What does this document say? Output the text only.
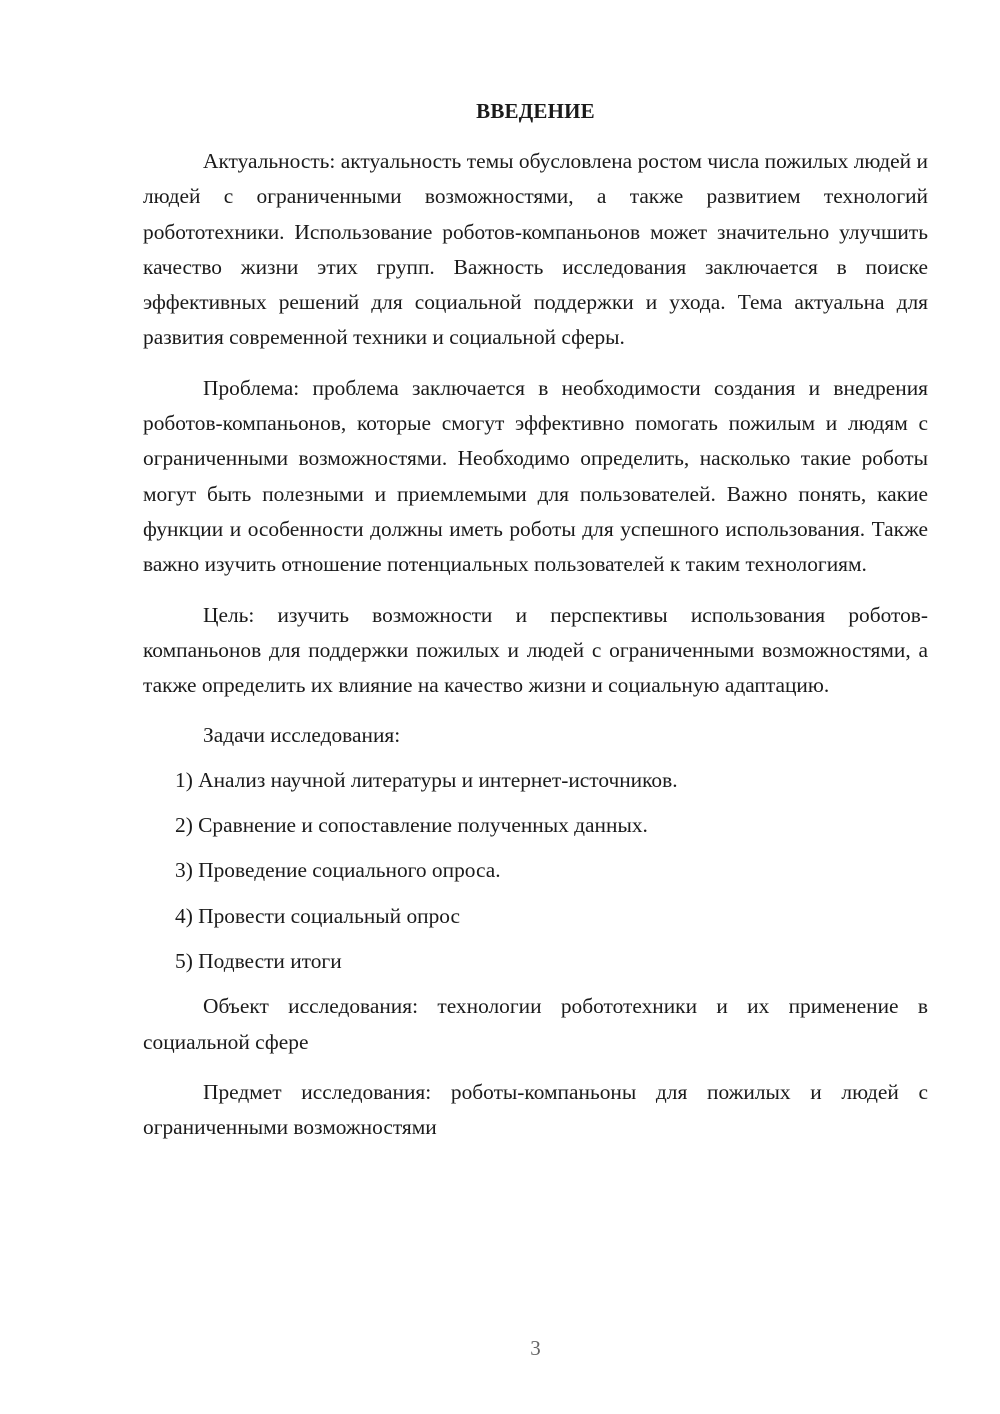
ВВЕДЕНИЕ

Актуальность: актуальность темы обусловлена ростом числа пожилых людей и людей с ограниченными возможностями, а также развитием технологий робототехники. Использование роботов-компаньонов может значительно улучшить качество жизни этих групп. Важность исследования заключается в поиске эффективных решений для социальной поддержки и ухода. Тема актуальна для развития современной техники и социальной сферы.

Проблема: проблема заключается в необходимости создания и внедрения роботов-компаньонов, которые смогут эффективно помогать пожилым и людям с ограниченными возможностями. Необходимо определить, насколько такие роботы могут быть полезными и приемлемыми для пользователей. Важно понять, какие функции и особенности должны иметь роботы для успешного использования. Также важно изучить отношение потенциальных пользователей к таким технологиям.

Цель: изучить возможности и перспективы использования роботов-компаньонов для поддержки пожилых и людей с ограниченными возможностями, а также определить их влияние на качество жизни и социальную адаптацию.

Задачи исследования:

1) Анализ научной литературы и интернет-источников.

2) Сравнение и сопоставление полученных данных.

3) Проведение социального опроса.

4) Провести социальный опрос

5) Подвести итоги

Объект исследования: технологии робототехники и их применение в социальной сфере

Предмет исследования: роботы-компаньоны для пожилых и людей с ограниченными возможностями

3
